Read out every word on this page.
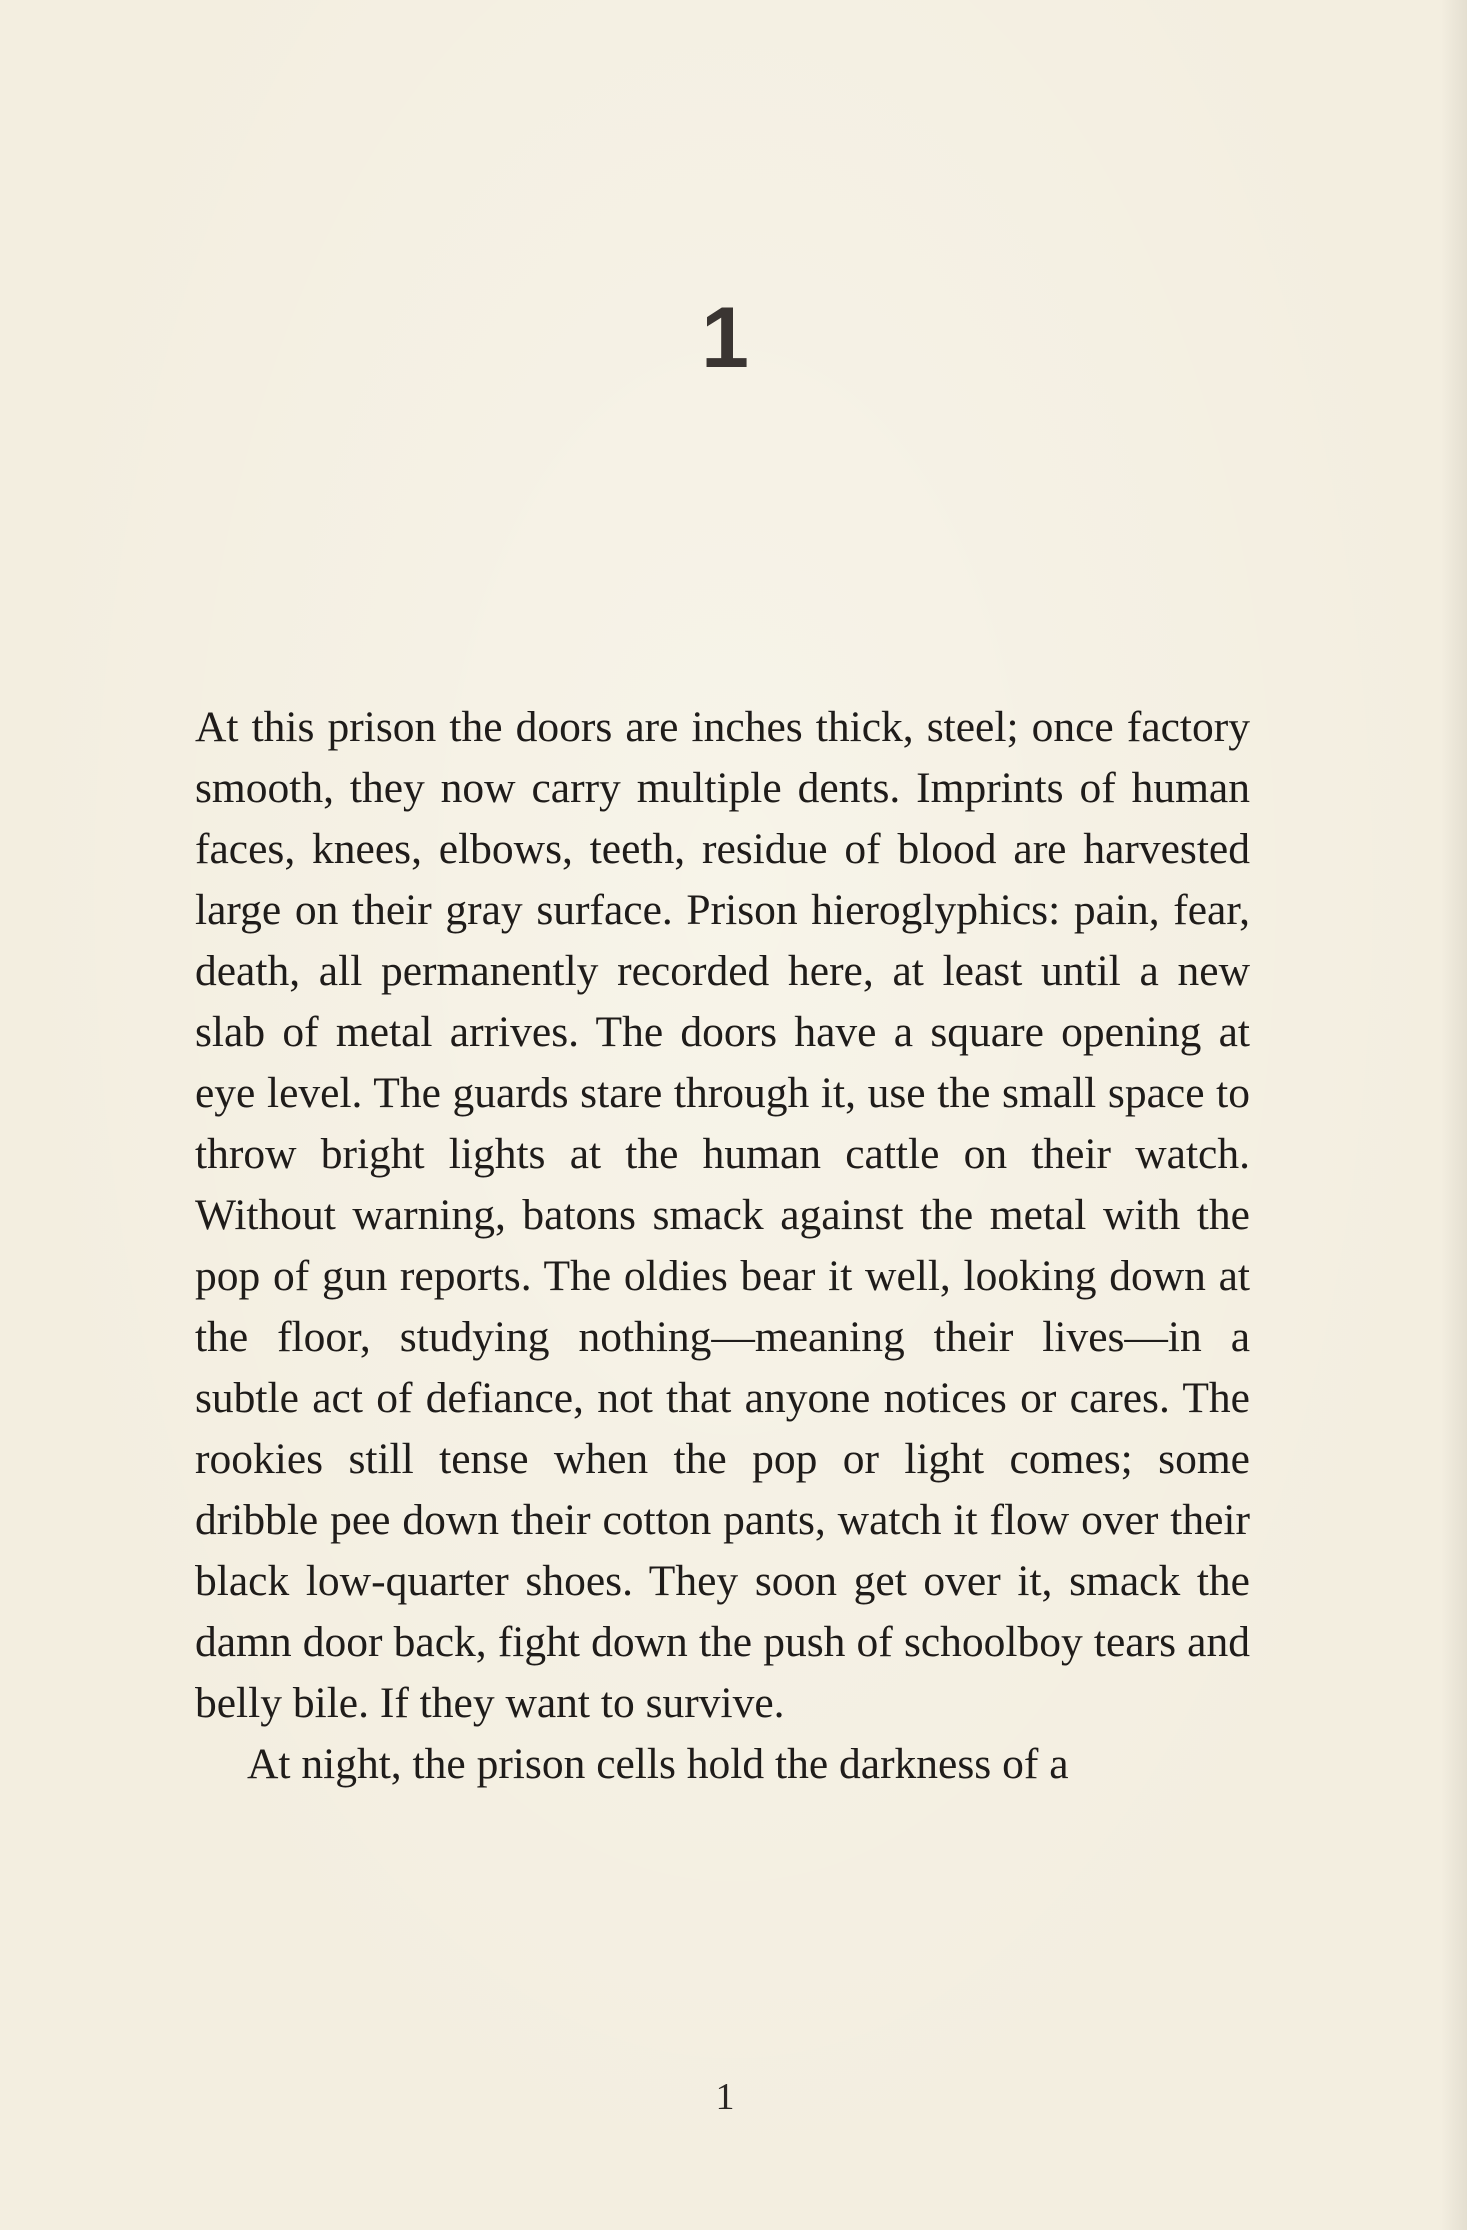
1

At this prison the doors are inches thick, steel; once factory smooth, they now carry multiple dents. Imprints of human faces, knees, elbows, teeth, residue of blood are harvested large on their gray surface. Prison hieroglyphics: pain, fear, death, all permanently recorded here, at least until a new slab of metal arrives. The doors have a square opening at eye level. The guards stare through it, use the small space to throw bright lights at the human cattle on their watch. Without warning, batons smack against the metal with the pop of gun reports. The oldies bear it well, looking down at the floor, studying nothing—meaning their lives—in a subtle act of defiance, not that anyone notices or cares. The rookies still tense when the pop or light comes; some dribble pee down their cotton pants, watch it flow over their black low-quarter shoes. They soon get over it, smack the damn door back, fight down the push of schoolboy tears and belly bile. If they want to survive.

At night, the prison cells hold the darkness of a

1
